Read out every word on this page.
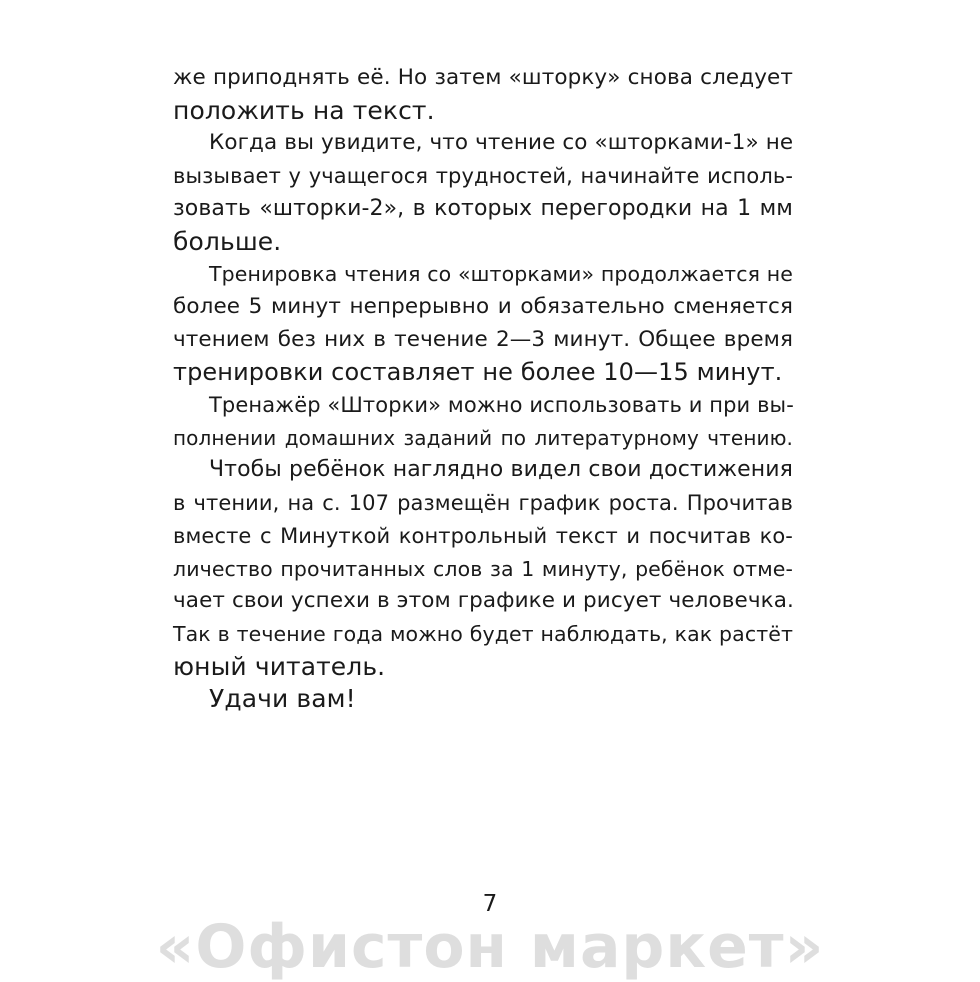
же приподнять её. Но затем «шторку» снова следует
положить на текст.
Когда вы увидите, что чтение со «шторками-1» не
вызывает у учащегося трудностей, начинайте исполь-
зовать «шторки-2», в которых перегородки на 1 мм
больше.
Тренировка чтения со «шторками» продолжается не
более 5 минут непрерывно и обязательно сменяется
чтением без них в течение 2—3 минут. Общее время
тренировки составляет не более 10—15 минут.
Тренажёр «Шторки» можно использовать и при вы-
полнении домашних заданий по литературному чтению.
Чтобы ребёнок наглядно видел свои достижения
в чтении, на с. 107 размещён график роста. Прочитав
вместе с Минуткой контрольный текст и посчитав ко-
личество прочитанных слов за 1 минуту, ребёнок отме-
чает свои успехи в этом графике и рисует человечка.
Так в течение года можно будет наблюдать, как растёт
юный читатель.
Удачи вам!
7
«Офистон маркет»
